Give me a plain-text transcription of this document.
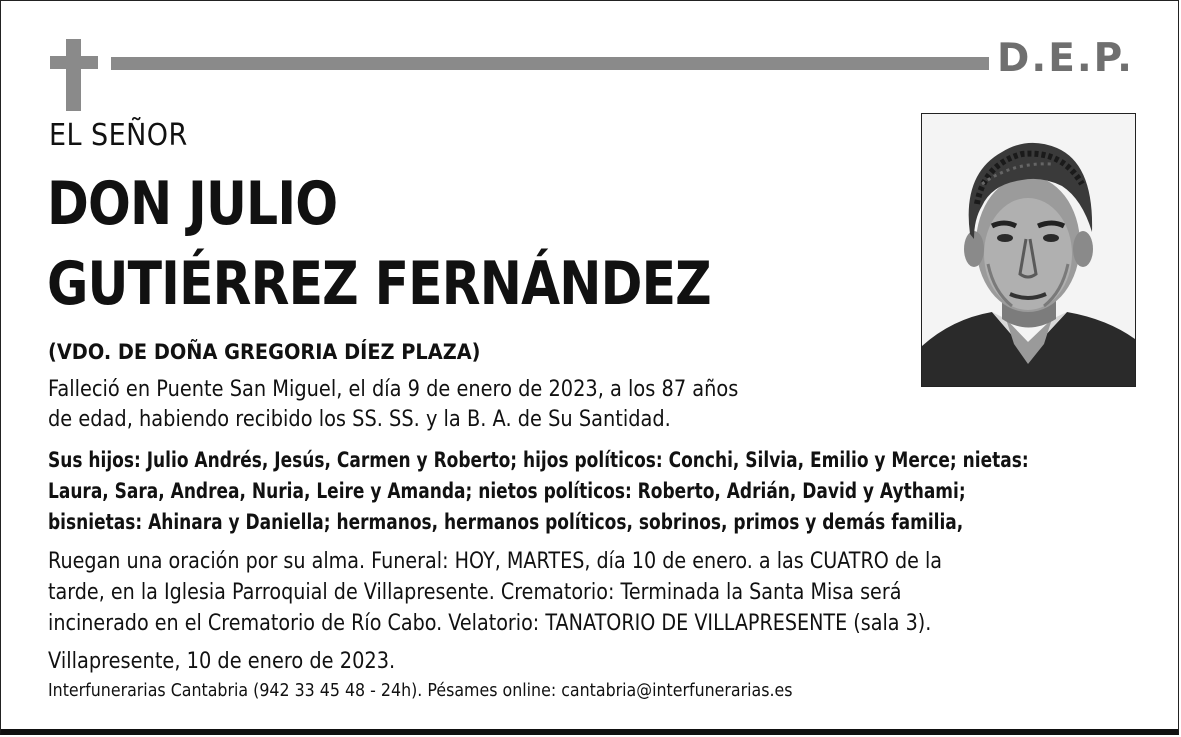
D.E.P.
EL SEÑOR
DON JULIO
GUTIÉRREZ FERNÁNDEZ
(VDO. DE DOÑA GREGORIA DÍEZ PLAZA)
Falleció en Puente San Miguel, el día 9 de enero de 2023, a los 87 años
de edad, habiendo recibido los SS. SS. y la B. A. de Su Santidad.
Sus hijos: Julio Andrés, Jesús, Carmen y Roberto; hijos políticos: Conchi, Silvia, Emilio y Merce; nietas:
Laura, Sara, Andrea, Nuria, Leire y Amanda; nietos políticos: Roberto, Adrián, David y Aythami;
bisnietas: Ahinara y Daniella; hermanos, hermanos políticos, sobrinos, primos y demás familia,
Ruegan una oración por su alma. Funeral: HOY, MARTES, día 10 de enero. a las CUATRO de la
tarde, en la Iglesia Parroquial de Villapresente. Crematorio: Terminada la Santa Misa será
incinerado en el Crematorio de Río Cabo. Velatorio: TANATORIO DE VILLAPRESENTE (sala 3).
Villapresente, 10 de enero de 2023.
Interfunerarias Cantabria (942 33 45 48 - 24h). Pésames online: cantabria@interfunerarias.es
